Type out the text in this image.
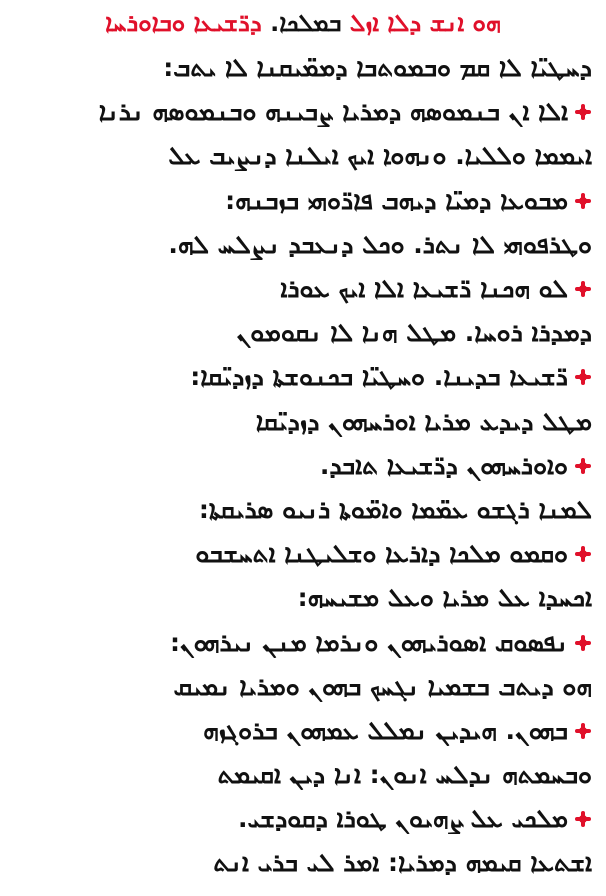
ܗܘ ܐܢܫ ܕܠܐ ܐܙܠ ܒܡܠܟܐ. ܕܪ̈ܫܝܥܐ ܘܒܐܘܪܚܐ
ܕܚܛܝ̈ܐ ܠܐ ܩܡ ܘܒܡܘܬܒܐ ܕܡܡ̈ܝܩܢܐ ܠܐ ܝܬܒ:
ܐܠܐ ܐܢ ܒܢܡܘܣܗ ܕܡܪܝܐ ܨܒܝܢܗ ܘܒܢܡܘܣܗ ܢܪܢܐ
ܐܝܡܡܐ ܘܠܠܝܐ. ܘܢܗܘܐ ܐܝܟ ܐܝܠܢܐ ܕܢܨܝܒ ܥܠ
ܡܒܘܥܐ ܕܡܝ̈ܐ ܕܝܗܒ ܦܐܪ̈ܘܗܝ ܒܙܒܢܗ:
ܘܛܪܦܘܗܝ ܠܐ ܢܬܪ. ܘܟܠ ܕܢܥܒܕ ܢܨܠܚ ܠܗ.
ܠܘ ܗܟܢܐ ܪ̈ܫܝܥܐ ܐܠܐ ܐܝܟ ܥܘܪܐ
ܕܡܕܪܐ ܪܘܚܐ. ܡܛܠ ܗܢܐ ܠܐ ܢܩܘܡܘܢ
ܪ̈ܫܝܥܐ ܒܕܝܢܐ. ܘܚܛܝ̈ܐ ܒܟܢܘܫܬܐ ܕܙܕܝ̈ܩܐ:
ܡܛܠ ܕܝܕܥ ܡܪܝܐ ܐܘܪܚܗܘܢ ܕܙܕܝ̈ܩܐ
ܘܐܘܪܚܗܘܢ ܕܪ̈ܫܝܥܐ ܬܐܒܕ.
ܠܡܢܐ ܪܓܫܘ ܥܡ̈ܡܐ ܘܐܡ̈ܘܬܐ ܪܢܝܘ ܣܪܝܩܬܐ:
ܘܩܡܘ ܡܠܟܐ ܕܐܪܥܐ ܘܫܠܝܛܢܐ ܐܬܚܫܒܘ
ܐܟܚܕܐ ܥܠ ܡܪܝܐ ܘܥܠ ܡܫܝܚܗ:
ܢܦܣܘܩ ܐܣܘܪܝܗܘܢ ܘܢܪܡܐ ܡܢܢ ܢܝܪܗܘܢ:
ܗܘ ܕܝܬܒ ܒܫܡܝܐ ܢܓܚܟ ܒܗܘܢ ܘܡܪܝܐ ܢܡܝܩ
ܒܗܘܢ. ܗܝܕܝܢ ܢܡܠܠ ܥܡܗܘܢ ܒܪܘܓܙܗ
ܘܒܚܡܬܗ ܢܕܠܚ ܐܢܘܢ: ܐܢܐ ܕܝܢ ܐܩܝܡܬ
ܡܠܟܝ ܥܠ ܨܗܝܘܢ ܛܘܪܐ ܕܩܘܕܫܝ.
ܐܫܬܥܐ ܩܝܡܗ ܕܡܪܝܐ: ܐܡܪ ܠܝ ܒܪܝ ܐܢܬ
